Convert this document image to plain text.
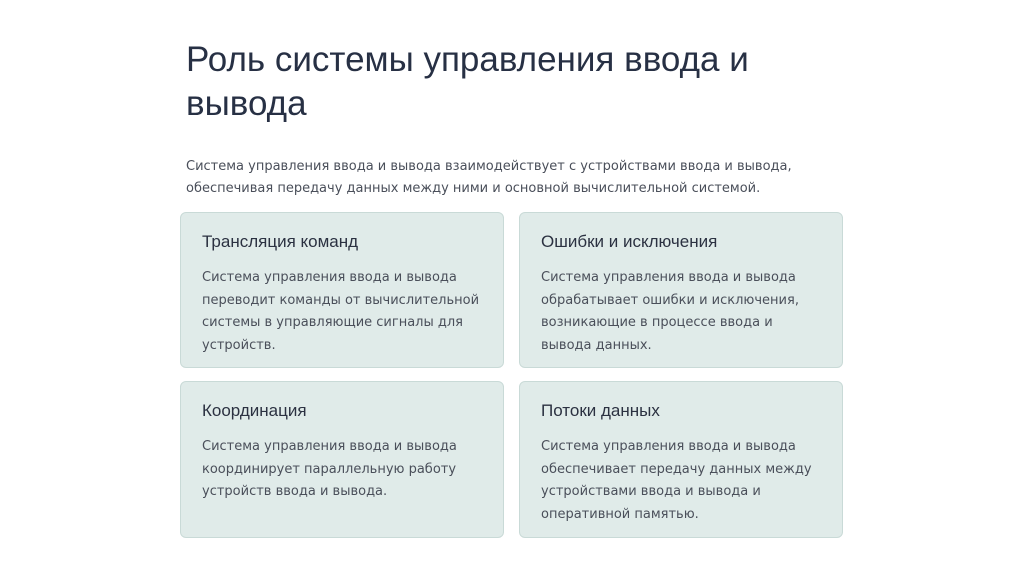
Роль системы управления ввода и вывода

Система управления ввода и вывода взаимодействует с устройствами ввода и вывода, обеспечивая передачу данных между ними и основной вычислительной системой.

Трансляция команд

Система управления ввода и вывода переводит команды от вычислительной системы в управляющие сигналы для устройств.

Ошибки и исключения

Система управления ввода и вывода обрабатывает ошибки и исключения, возникающие в процессе ввода и вывода данных.

Координация

Система управления ввода и вывода координирует параллельную работу устройств ввода и вывода.

Потоки данных

Система управления ввода и вывода обеспечивает передачу данных между устройствами ввода и вывода и оперативной памятью.
